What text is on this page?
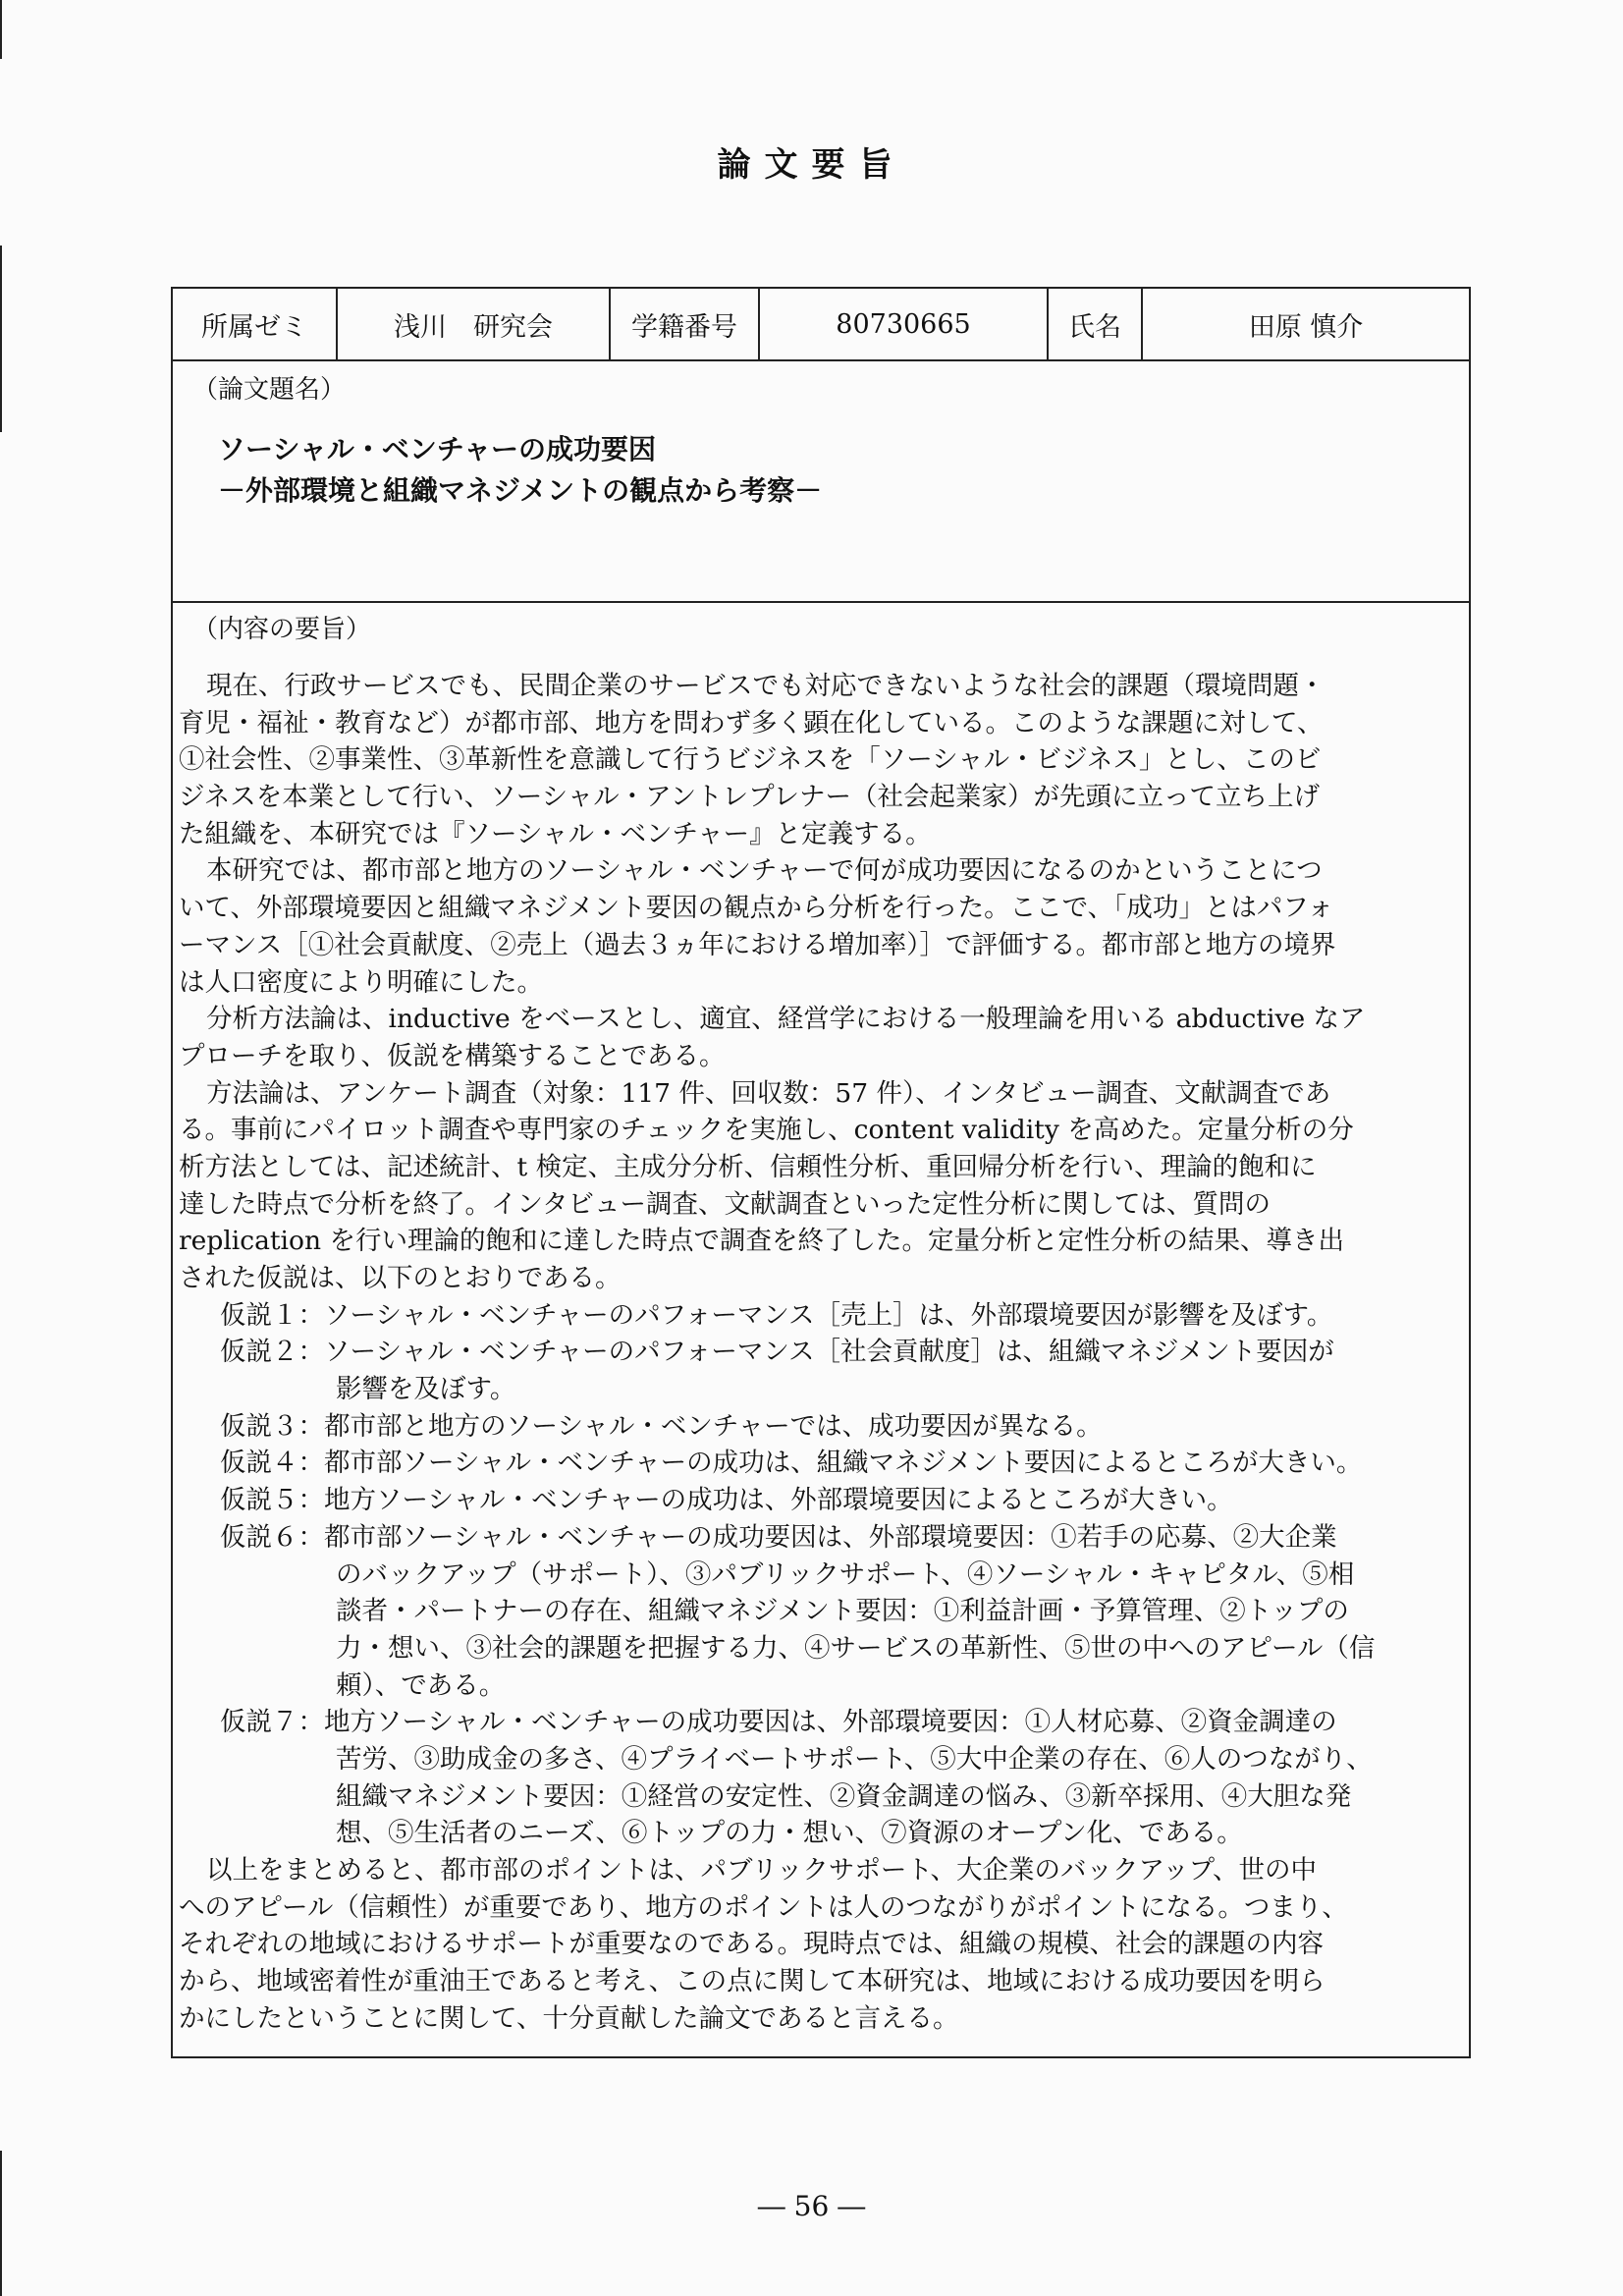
論文要旨
所属ゼミ	浅川　研究会	学籍番号	80730665	氏名	田原 慎介
（論文題名）
ソーシャル・ベンチャーの成功要因
－外部環境と組織マネジメントの観点から考察－
（内容の要旨）
現在、行政サービスでも、民間企業のサービスでも対応できないような社会的課題（環境問題・
育児・福祉・教育など）が都市部、地方を問わず多く顕在化している。このような課題に対して、
①社会性、②事業性、③革新性を意識して行うビジネスを「ソーシャル・ビジネス」とし、このビ
ジネスを本業として行い、ソーシャル・アントレプレナー（社会起業家）が先頭に立って立ち上げ
た組織を、本研究では『ソーシャル・ベンチャー』と定義する。
本研究では、都市部と地方のソーシャル・ベンチャーで何が成功要因になるのかということにつ
いて、外部環境要因と組織マネジメント要因の観点から分析を行った。ここで、「成功」とはパフォ
ーマンス［①社会貢献度、②売上（過去３ヵ年における増加率）］で評価する。都市部と地方の境界
は人口密度により明確にした。
分析方法論は、inductive をベースとし、適宜、経営学における一般理論を用いる abductive なア
プローチを取り、仮説を構築することである。
方法論は、アンケート調査（対象：117 件、回収数：57 件）、インタビュー調査、文献調査であ
る。事前にパイロット調査や専門家のチェックを実施し、content validity を高めた。定量分析の分
析方法としては、記述統計、t 検定、主成分分析、信頼性分析、重回帰分析を行い、理論的飽和に
達した時点で分析を終了。インタビュー調査、文献調査といった定性分析に関しては、質問の
replication を行い理論的飽和に達した時点で調査を終了した。定量分析と定性分析の結果、導き出
された仮説は、以下のとおりである。
仮説１：ソーシャル・ベンチャーのパフォーマンス［売上］は、外部環境要因が影響を及ぼす。
仮説２：ソーシャル・ベンチャーのパフォーマンス［社会貢献度］は、組織マネジメント要因が
影響を及ぼす。
仮説３：都市部と地方のソーシャル・ベンチャーでは、成功要因が異なる。
仮説４：都市部ソーシャル・ベンチャーの成功は、組織マネジメント要因によるところが大きい。
仮説５：地方ソーシャル・ベンチャーの成功は、外部環境要因によるところが大きい。
仮説６：都市部ソーシャル・ベンチャーの成功要因は、外部環境要因：①若手の応募、②大企業
のバックアップ（サポート）、③パブリックサポート、④ソーシャル・キャピタル、⑤相
談者・パートナーの存在、組織マネジメント要因：①利益計画・予算管理、②トップの
力・想い、③社会的課題を把握する力、④サービスの革新性、⑤世の中へのアピール（信
頼）、である。
仮説７：地方ソーシャル・ベンチャーの成功要因は、外部環境要因：①人材応募、②資金調達の
苦労、③助成金の多さ、④プライベートサポート、⑤大中企業の存在、⑥人のつながり、
組織マネジメント要因：①経営の安定性、②資金調達の悩み、③新卒採用、④大胆な発
想、⑤生活者のニーズ、⑥トップの力・想い、⑦資源のオープン化、である。
以上をまとめると、都市部のポイントは、パブリックサポート、大企業のバックアップ、世の中
へのアピール（信頼性）が重要であり、地方のポイントは人のつながりがポイントになる。つまり、
それぞれの地域におけるサポートが重要なのである。現時点では、組織の規模、社会的課題の内容
から、地域密着性が重油王であると考え、この点に関して本研究は、地域における成功要因を明ら
かにしたということに関して、十分貢献した論文であると言える。
― 56 ―
